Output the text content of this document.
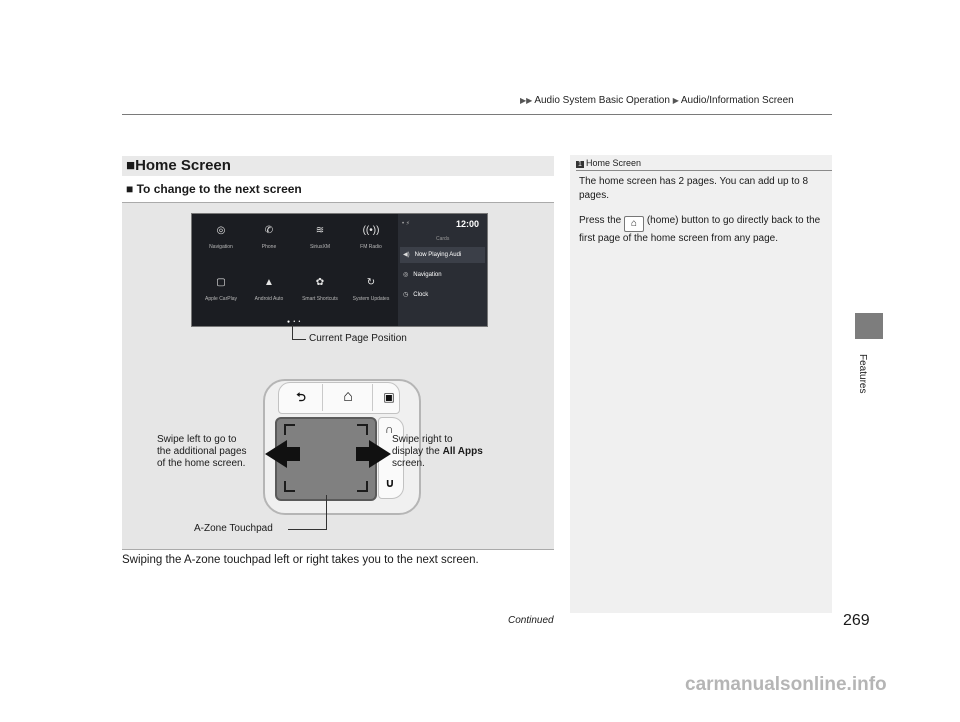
▶▶ Audio System Basic Operation ▶ Audio/Information Screen
Features
■Home Screen
■ To change to the next screen
◎
Navigation
✆
Phone
≋
SiriusXM
((•))
FM Radio
▢
Apple CarPlay
▲
Android Auto
✿
Smart Shortcuts
↻
System Updates
• ⚡	12:00
Cards
◀) Now Playing Audi
◎ Navigation
◷ Clock
● • •
Current Page Position
⮌	⌂	▣
∩
∪
Swipe left to go to
the additional pages
of the home screen.
Swipe right to
display the All Apps
screen.
A-Zone Touchpad
Swiping the A-zone touchpad left or right takes you to the next screen.
1 Home Screen

The home screen has 2 pages. You can add up to 8 pages.

Press the ⌂ (home) button to go directly back to the first page of the home screen from any page.

Continued	269
carmanualsonline.info
